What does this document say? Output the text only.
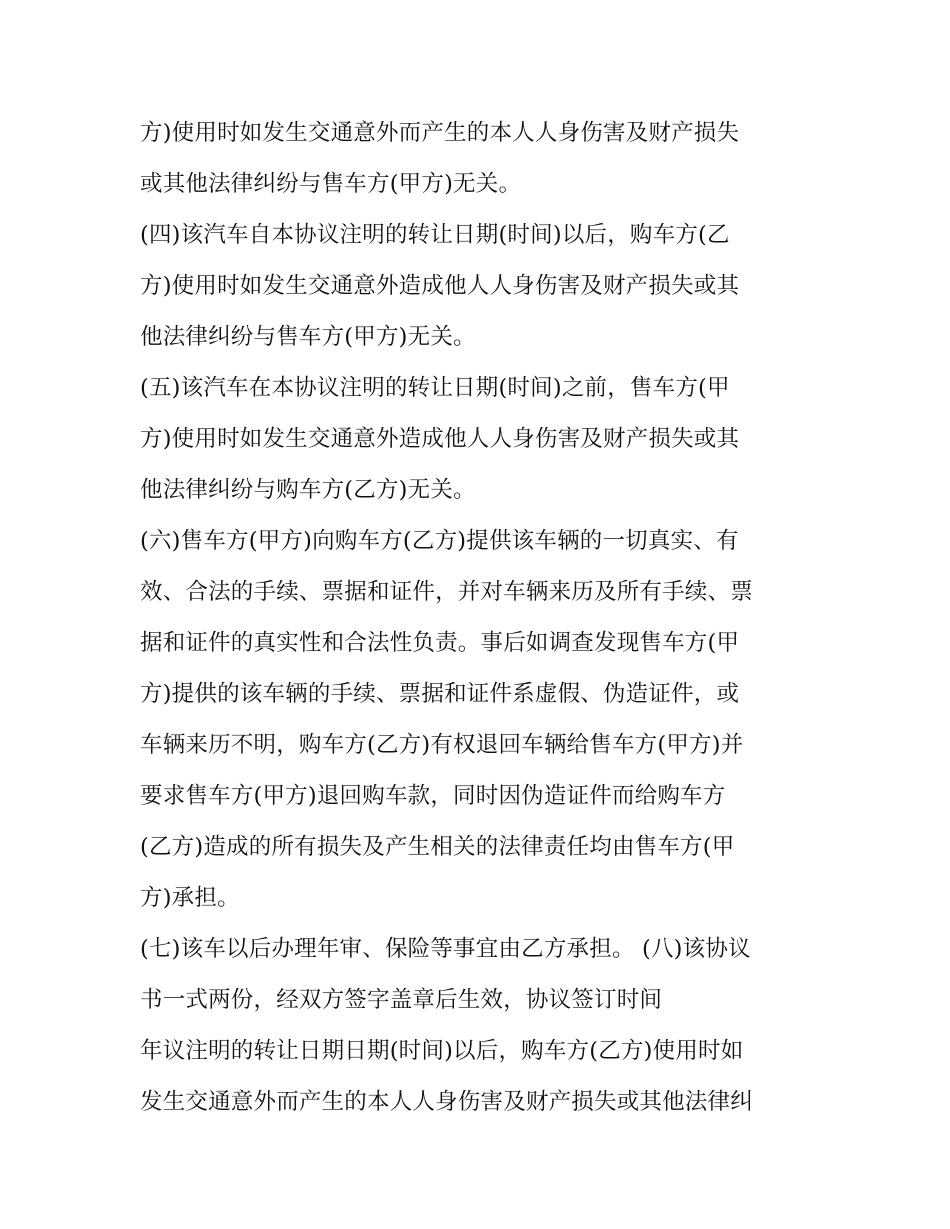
方)使用时如发生交通意外而产生的本人人身伤害及财产损失
或其他法律纠纷与售车方(甲方)无关。
(四)该汽车自本协议注明的转让日期(时间)以后，购车方(乙
方)使用时如发生交通意外造成他人人身伤害及财产损失或其
他法律纠纷与售车方(甲方)无关。
(五)该汽车在本协议注明的转让日期(时间)之前，售车方(甲
方)使用时如发生交通意外造成他人人身伤害及财产损失或其
他法律纠纷与购车方(乙方)无关。
(六)售车方(甲方)向购车方(乙方)提供该车辆的一切真实、有
效、合法的手续、票据和证件，并对车辆来历及所有手续、票
据和证件的真实性和合法性负责。事后如调查发现售车方(甲
方)提供的该车辆的手续、票据和证件系虚假、伪造证件，或
车辆来历不明，购车方(乙方)有权退回车辆给售车方(甲方)并
要求售车方(甲方)退回购车款，同时因伪造证件而给购车方
(乙方)造成的所有损失及产生相关的法律责任均由售车方(甲
方)承担。
(七)该车以后办理年审、保险等事宜由乙方承担。 (八)该协议
书一式两份，经双方签字盖章后生效，协议签订时间
年议注明的转让日期日期(时间)以后，购车方(乙方)使用时如
发生交通意外而产生的本人人身伤害及财产损失或其他法律纠
